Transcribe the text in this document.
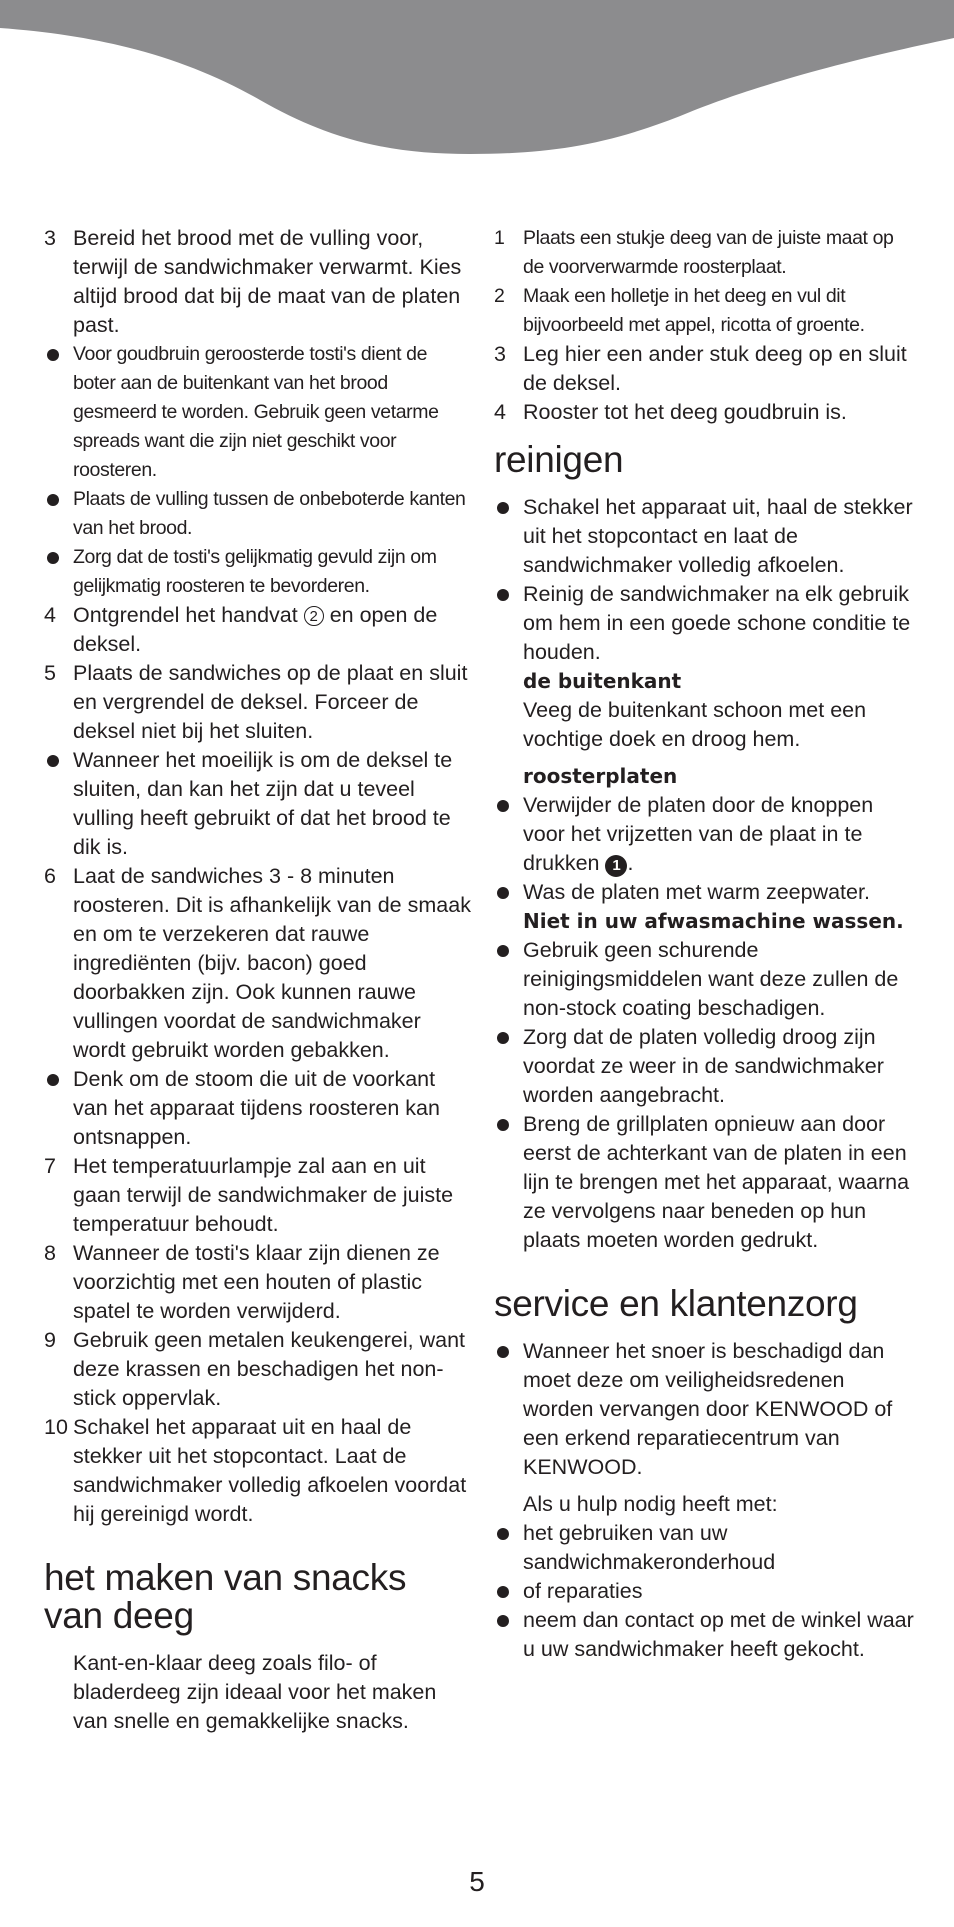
3 Bereid het brood met de vulling voor, terwijl de sandwichmaker verwarmt. Kies altijd brood dat bij de maat van de platen past.
Voor goudbruin geroosterde tosti's dient de boter aan de buitenkant van het brood gesmeerd te worden. Gebruik geen vetarme spreads want die zijn niet geschikt voor roosteren.
Plaats de vulling tussen de onbeboterde kanten van het brood.
Zorg dat de tosti's gelijkmatig gevuld zijn om gelijkmatig roosteren te bevorderen.
4 Ontgrendel het handvat 2 en open de deksel.
5 Plaats de sandwiches op de plaat en sluit en vergrendel de deksel. Forceer de deksel niet bij het sluiten.
Wanneer het moeilijk is om de deksel te sluiten, dan kan het zijn dat u teveel vulling heeft gebruikt of dat het brood te dik is.
6 Laat de sandwiches 3 - 8 minuten roosteren. Dit is afhankelijk van de smaak en om te verzekeren dat rauwe ingrediënten (bijv. bacon) goed doorbakken zijn. Ook kunnen rauwe vullingen voordat de sandwichmaker wordt gebruikt worden gebakken.
Denk om de stoom die uit de voorkant van het apparaat tijdens roosteren kan ontsnappen.
7 Het temperatuurlampje zal aan en uit gaan terwijl de sandwichmaker de juiste temperatuur behoudt.
8 Wanneer de tosti's klaar zijn dienen ze voorzichtig met een houten of plastic spatel te worden verwijderd.
9 Gebruik geen metalen keukengerei, want deze krassen en beschadigen het non-stick oppervlak.
10 Schakel het apparaat uit en haal de stekker uit het stopcontact. Laat de sandwichmaker volledig afkoelen voordat hij gereinigd wordt.
het maken van snacks
van deeg
Kant-en-klaar deeg zoals filo- of bladerdeeg zijn ideaal voor het maken van snelle en gemakkelijke snacks.
1 Plaats een stukje deeg van de juiste maat op de voorverwarmde roosterplaat.
2 Maak een holletje in het deeg en vul dit bijvoorbeeld met appel, ricotta of groente.
3 Leg hier een ander stuk deeg op en sluit de deksel.
4 Rooster tot het deeg goudbruin is.
reinigen
Schakel het apparaat uit, haal de stekker uit het stopcontact en laat de sandwichmaker volledig afkoelen.
Reinig de sandwichmaker na elk gebruik om hem in een goede schone conditie te houden.
de buitenkant
Veeg de buitenkant schoon met een vochtige doek en droog hem.
roosterplaten
Verwijder de platen door de knoppen voor het vrijzetten van de plaat in te drukken 1 .
Was de platen met warm zeepwater.
Niet in uw afwasmachine wassen.
Gebruik geen schurende reinigingsmiddelen want deze zullen de non-stock coating beschadigen.
Zorg dat de platen volledig droog zijn voordat ze weer in de sandwichmaker worden aangebracht.
Breng de grillplaten opnieuw aan door eerst de achterkant van de platen in een lijn te brengen met het apparaat, waarna ze vervolgens naar beneden op hun plaats moeten worden gedrukt.
service en klantenzorg
Wanneer het snoer is beschadigd dan moet deze om veiligheidsredenen worden vervangen door KENWOOD of een erkend reparatiecentrum van KENWOOD.
Als u hulp nodig heeft met:
het gebruiken van uw sandwichmakeronderhoud
of reparaties
neem dan contact op met de winkel waar u uw sandwichmaker heeft gekocht.
5
